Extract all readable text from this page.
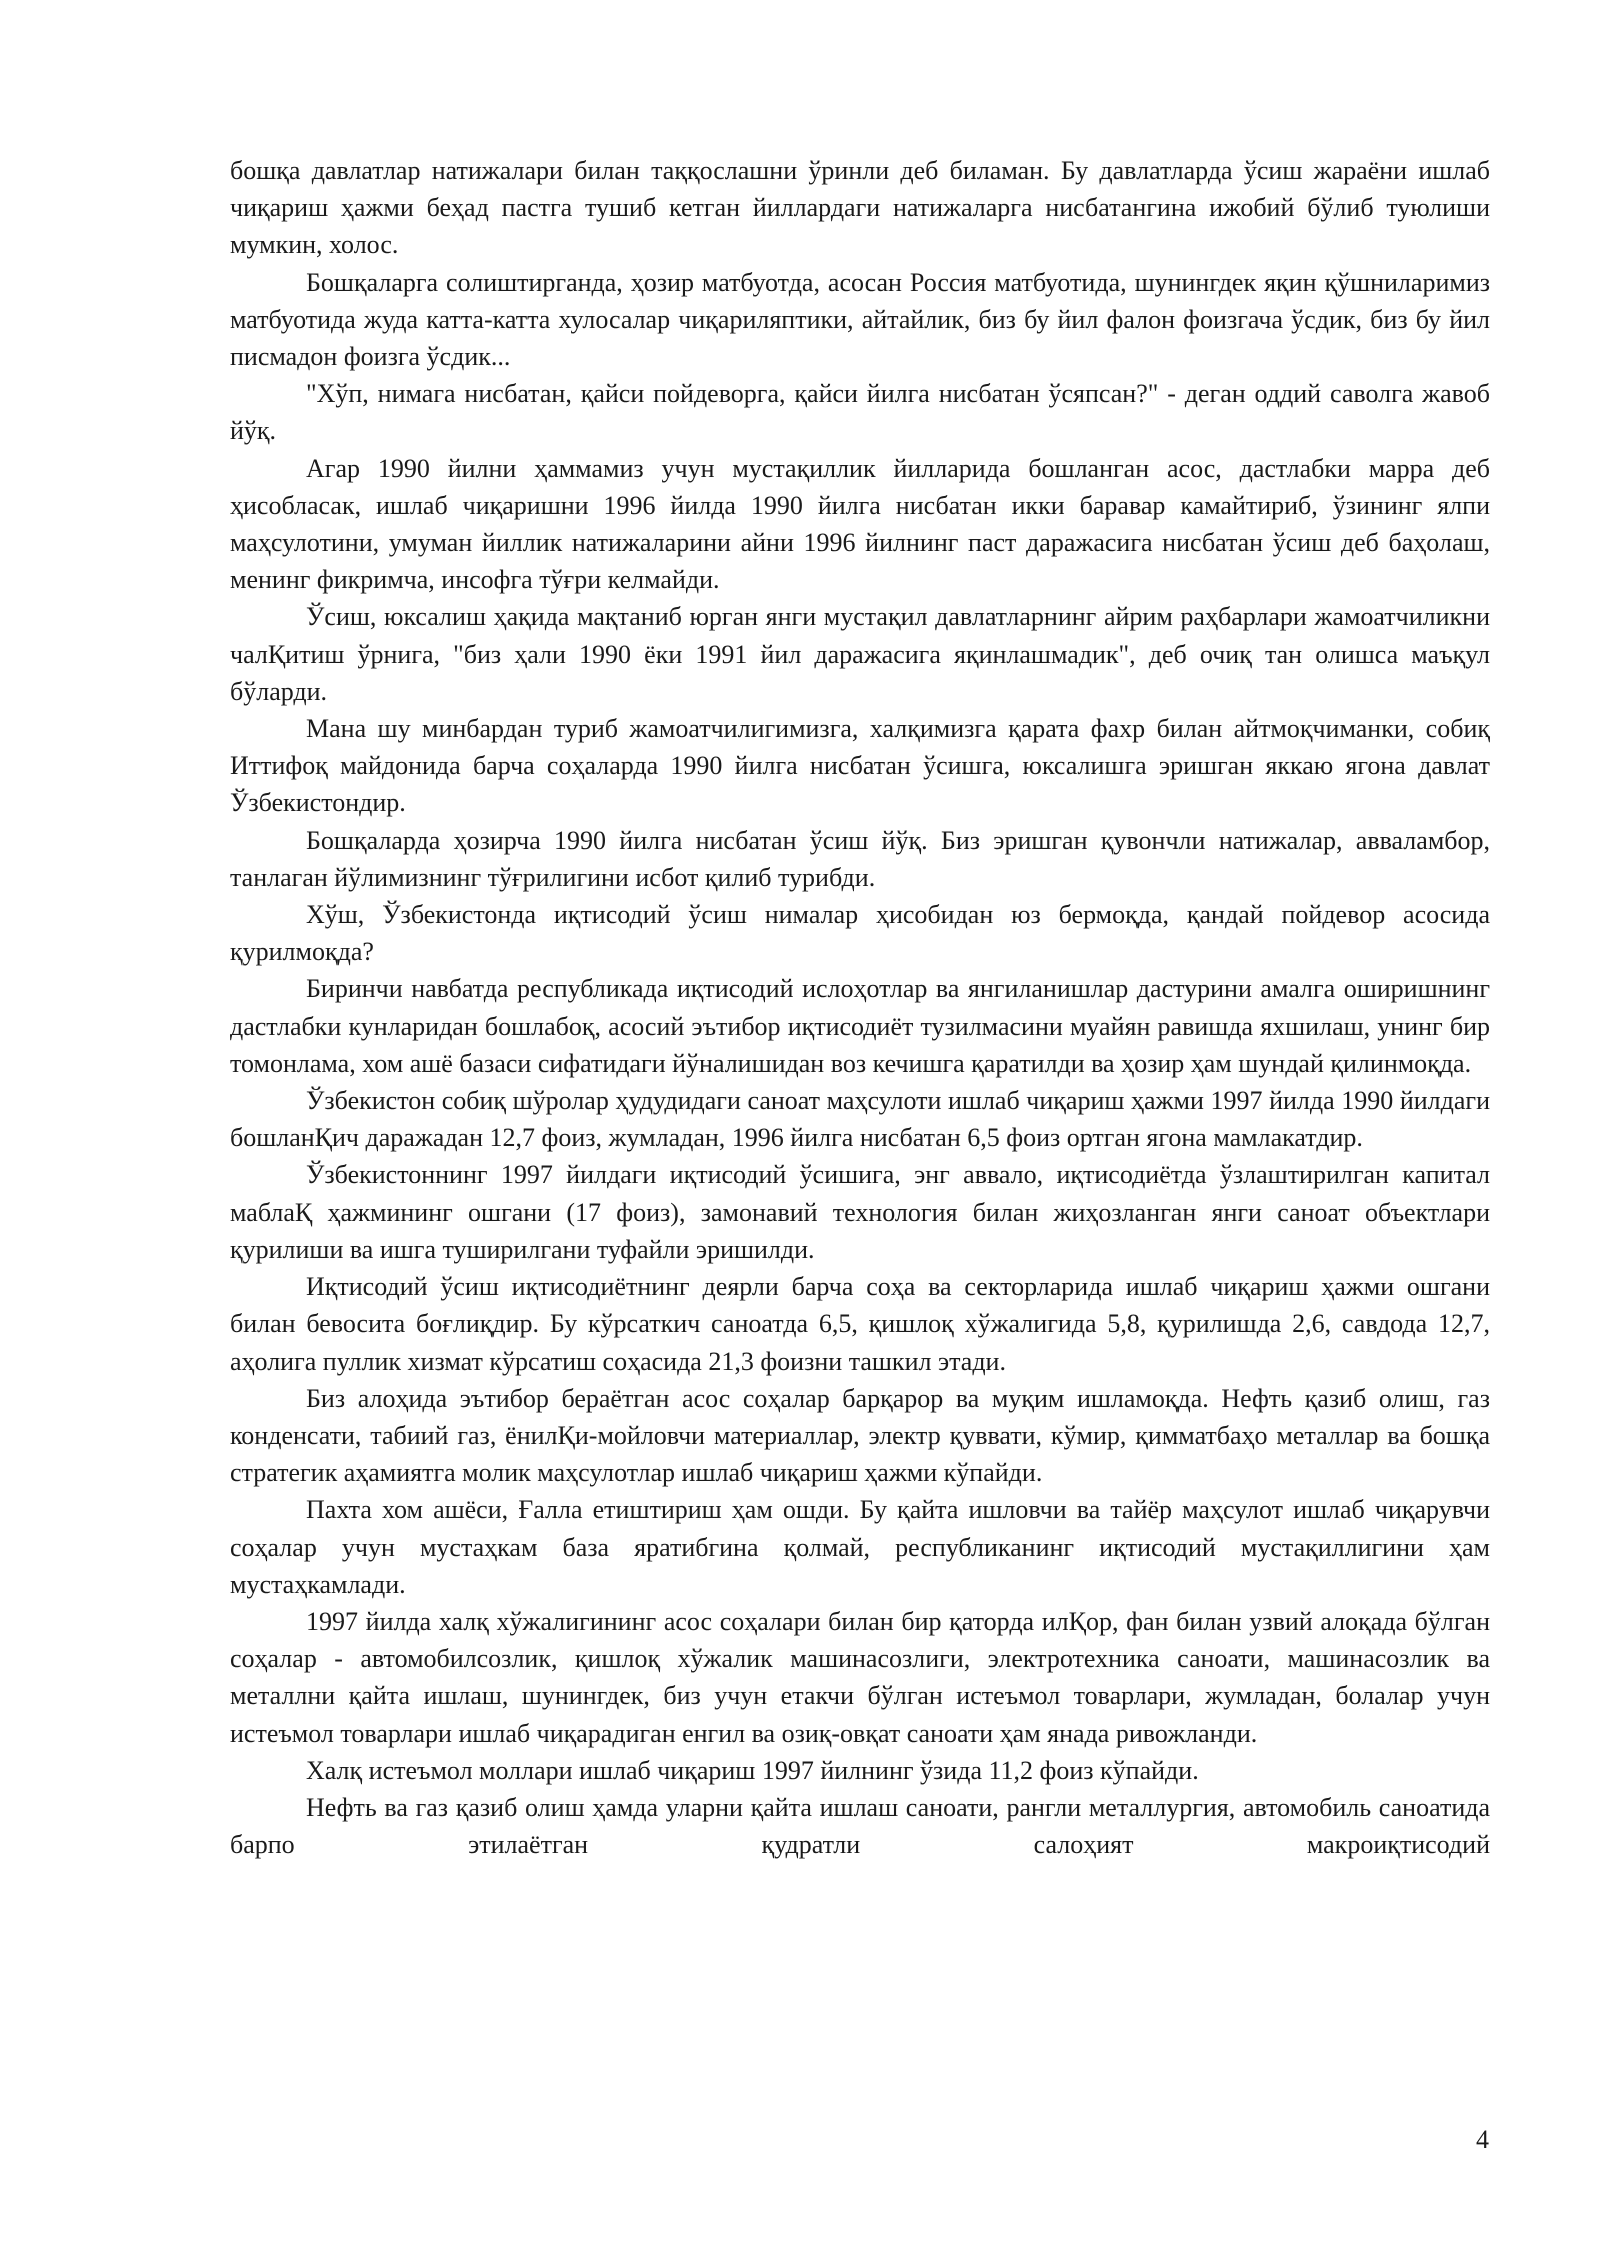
бошқа давлатлар натижалари билан таққослашни ўринли деб биламан. Бу давлатларда ўсиш жараёни ишлаб чиқариш ҳажми беҳад пастга тушиб кетган йиллардаги натижаларга нисбатангина ижобий бўлиб туюлиши мумкин, холос.

Бошқаларга солиштирганда, ҳозир матбуотда, асосан Россия матбуотида, шунингдек яқин қўшниларимиз матбуотида жуда катта-катта хулосалар чиқариляптики, айтайлик, биз бу йил фалон фоизгача ўсдик, биз бу йил писмадон фоизга ўсдик...

"Хўп, нимага нисбатан, қайси пойдеворга, қайси йилга нисбатан ўсяпсан?" - деган оддий саволга жавоб йўқ.

Агар 1990 йилни ҳаммамиз учун мустақиллик йилларида бошланган асос, дастлабки марра деб ҳисобласак, ишлаб чиқаришни 1996 йилда 1990 йилга нисбатан икки баравар камайтириб, ўзининг ялпи маҳсулотини, умуман йиллик натижаларини айни 1996 йилнинг паст даражасига нисбатан ўсиш деб баҳолаш, менинг фикримча, инсофга тўғри келмайди.

Ўсиш, юксалиш ҳақида мақтаниб юрган янги мустақил давлатларнинг айрим раҳбарлари жамоатчиликни чалҚитиш ўрнига, "биз ҳали 1990 ёки 1991 йил даражасига яқинлашмадик", деб очиқ тан олишса маъқул бўларди.

Мана шу минбардан туриб жамоатчилигимизга, халқимизга қарата фахр билан айтмоқчиманки, собиқ Иттифоқ майдонида барча соҳаларда 1990 йилга нисбатан ўсишга, юксалишга эришган яккаю ягона давлат Ўзбекистондир.

Бошқаларда ҳозирча 1990 йилга нисбатан ўсиш йўқ. Биз эришган қувончли натижалар, авваламбор, танлаган йўлимизнинг тўғрилигини исбот қилиб турибди.

Хўш, Ўзбекистонда иқтисодий ўсиш нималар ҳисобидан юз бермоқда, қандай пойдевор асосида қурилмоқда?

Биринчи навбатда республикада иқтисодий ислоҳотлар ва янгиланишлар дастурини амалга оширишнинг дастлабки кунларидан бошлабоқ, асосий эътибор иқтисодиёт тузилмасини муайян равишда яхшилаш, унинг бир томонлама, хом ашё базаси сифатидаги йўналишидан воз кечишга қаратилди ва ҳозир ҳам шундай қилинмоқда.

Ўзбекистон собиқ шўролар ҳудудидаги саноат маҳсулоти ишлаб чиқариш ҳажми 1997 йилда 1990 йилдаги бошланҚич даражадан 12,7 фоиз, жумладан, 1996 йилга нисбатан 6,5 фоиз ортган ягона мамлакатдир.

Ўзбекистоннинг 1997 йилдаги иқтисодий ўсишига, энг аввало, иқтисодиётда ўзлаштирилган капитал маблаҚ ҳажмининг ошгани (17 фоиз), замонавий технология билан жиҳозланган янги саноат объектлари қурилиши ва ишга туширилгани туфайли эришилди.

Иқтисодий ўсиш иқтисодиётнинг деярли барча соҳа ва секторларида ишлаб чиқариш ҳажми ошгани билан бевосита боғлиқдир. Бу кўрсаткич саноатда 6,5, қишлоқ хўжалигида 5,8, қурилишда 2,6, савдода 12,7, аҳолига пуллик хизмат кўрсатиш соҳасида 21,3 фоизни ташкил этади.

Биз алоҳида эътибор бераётган асос соҳалар барқарор ва муқим ишламоқда. Нефть қазиб олиш, газ конденсати, табиий газ, ёнилҚи-мойловчи материаллар, электр қуввати, кўмир, қимматбаҳо металлар ва бошқа стратегик аҳамиятга молик маҳсулотлар ишлаб чиқариш ҳажми кўпайди.

Пахта хом ашёси, Ғалла етиштириш ҳам ошди. Бу қайта ишловчи ва тайёр маҳсулот ишлаб чиқарувчи соҳалар учун мустаҳкам база яратибгина қолмай, республиканинг иқтисодий мустақиллигини ҳам мустаҳкамлади.

1997 йилда халқ хўжалигининг асос соҳалари билан бир қаторда илҚор, фан билан узвий алоқада бўлган соҳалар - автомобилсозлик, қишлоқ хўжалик машинасозлиги, электротехника саноати, машинасозлик ва металлни қайта ишлаш, шунингдек, биз учун етакчи бўлган истеъмол товарлари, жумладан, болалар учун истеъмол товарлари ишлаб чиқарадиган енгил ва озиқ-овқат саноати ҳам янада ривожланди.

Халқ истеъмол моллари ишлаб чиқариш 1997 йилнинг ўзида 11,2 фоиз кўпайди.

Нефть ва газ қазиб олиш ҳамда уларни қайта ишлаш саноати, рангли металлургия, автомобиль саноатида барпо этилаётган қудратли салоҳият макроиқтисодий

4
